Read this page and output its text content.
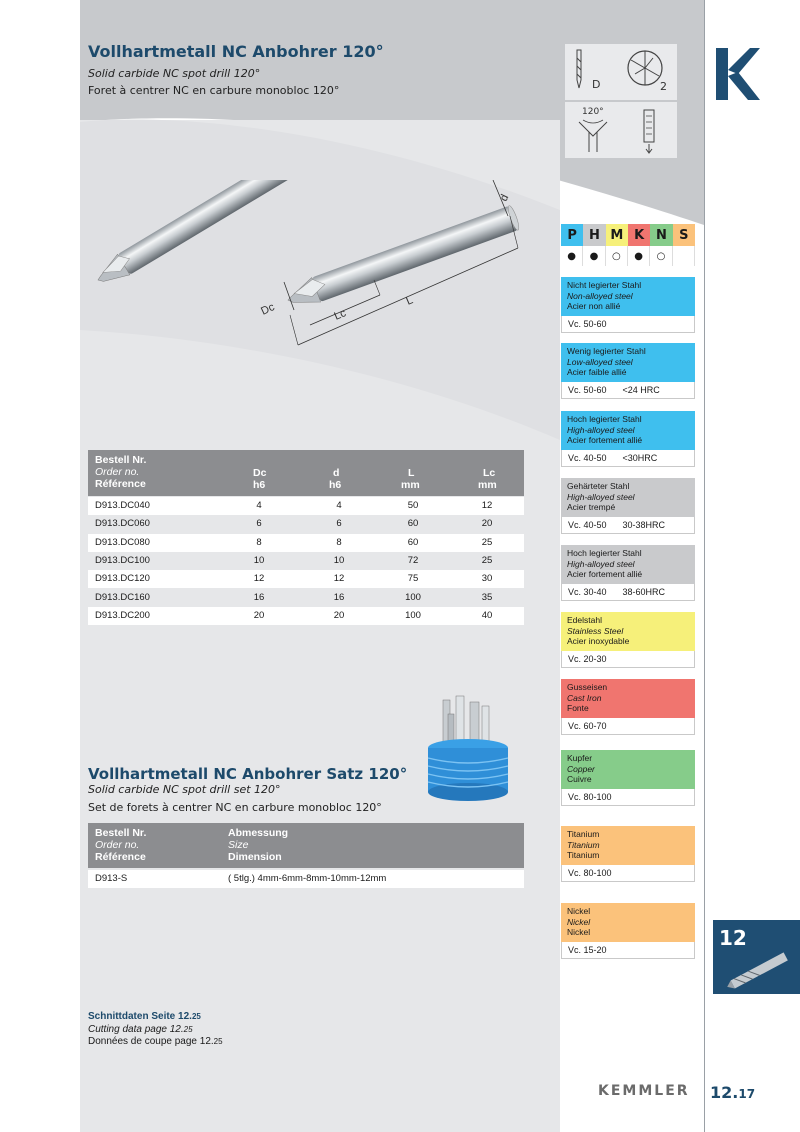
Vollhartmetall NC Anbohrer 120°
Solid carbide NC spot drill 120°
Foret à centrer NC en carbure monobloc 120°	D	2
120°
Dc	Lc
L
d
P H M K N S
●	●	○	●	○
Nicht legierter Stahl
Non-alloyed steel
Acier non allié
Vc. 50-60
Wenig legierter Stahl
Low-alloyed steel
Acier faible allié
Vc. 50-60 <24 HRC
Hoch legierter Stahl
High-alloyed steel
Acier fortement allié
Vc. 40-50 <30HRC
Gehärteter Stahl
High-alloyed steel
Acier trempé
Vc. 40-50 30-38HRC
Hoch legierter Stahl
High-alloyed steel
Acier fortement allié
Vc. 30-40 38-60HRC
Edelstahl
Stainless Steel
Acier inoxydable
Vc. 20-30
Gusseisen
Cast Iron
Fonte
Vc. 60-70
Kupfer
Copper
Cuivre
Vc. 80-100
Titanium
Titanium
Titanium
Vc. 80-100
Nickel
Nickel
Nickel
Vc. 15-20
Bestell Nr.
Order no.
Référence
Dc
h6
d
h6
L
mm
Lc
mm
D913.DC040	4	4	50	12
D913.DC060	6	6	60	20
D913.DC080	8	8	60	25
D913.DC100	10	10	72	25
D913.DC120	12	12	75	30
D913.DC160	16	16	100	35
D913.DC200	20	20	100	40
Vollhartmetall NC Anbohrer Satz 120°
Solid carbide NC spot drill set 120°
Set de forets à centrer NC en carbure monobloc 120°
Bestell Nr.
Order no.
Référence
Abmessung
Size
Dimension
D913-S	( 5tlg.) 4mm-6mm-8mm-10mm-12mm
Schnittdaten Seite 12.25
Cutting data page 12.25
Données de coupe page 12.25
12
KEMMLER 12.17
